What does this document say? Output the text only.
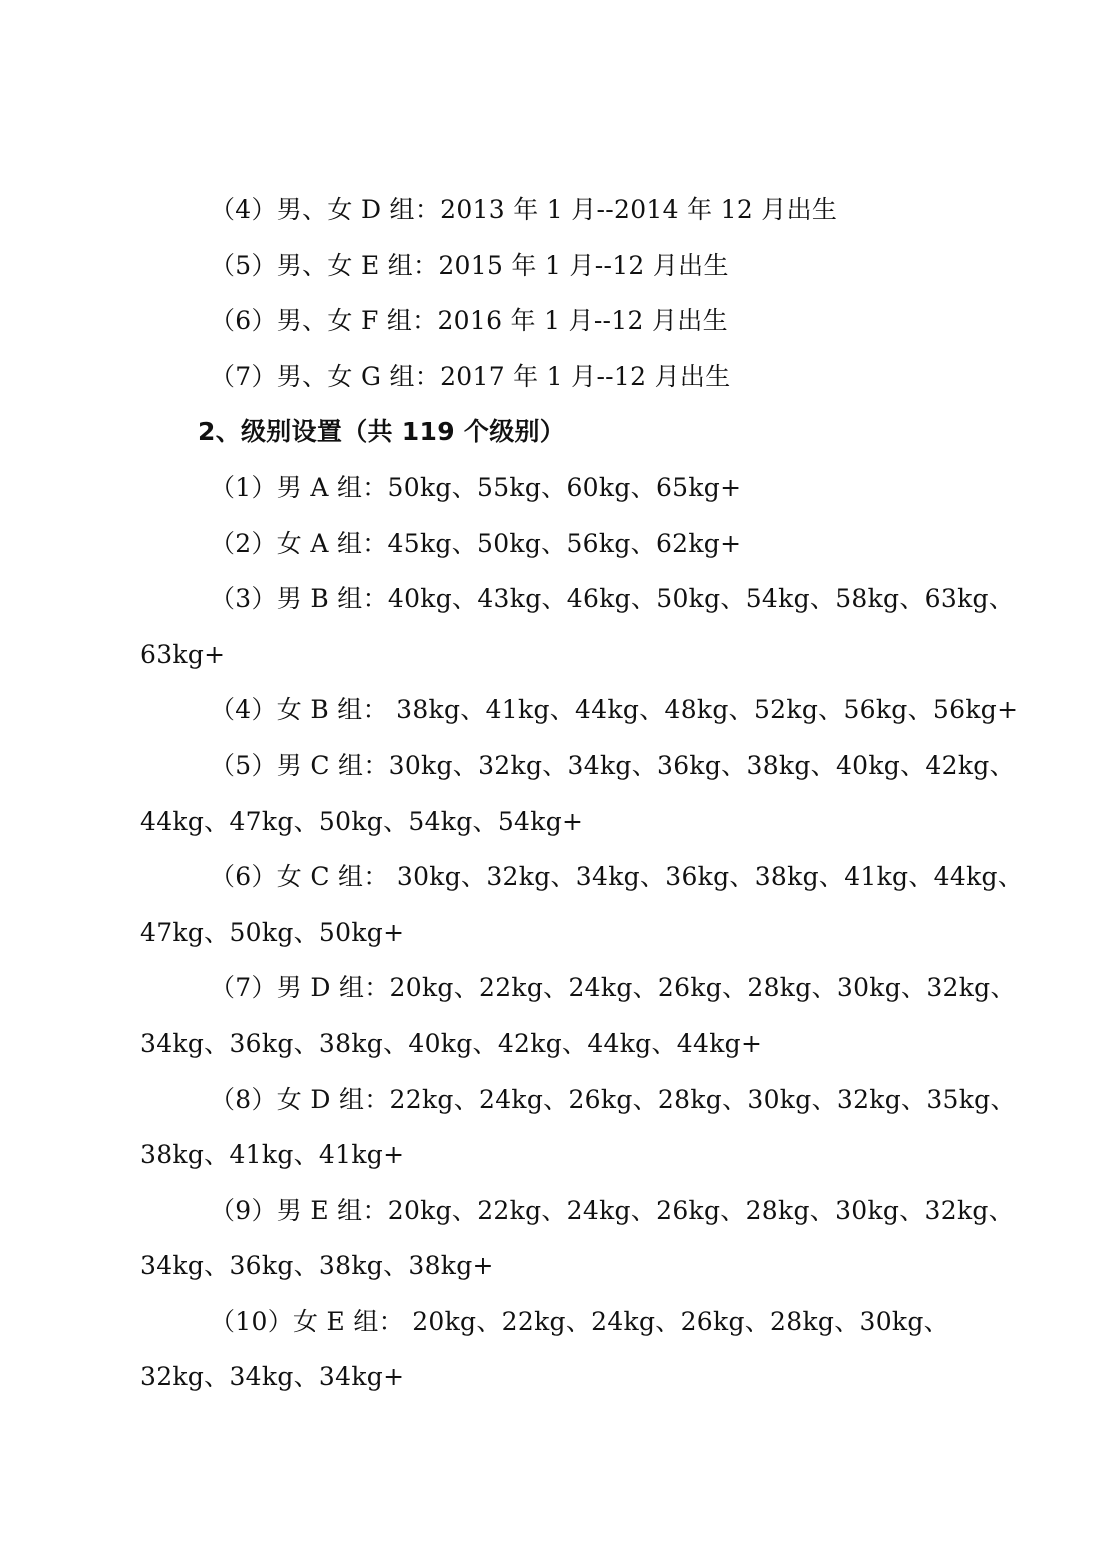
（4）男、女 D 组：2013 年 1 月--2014 年 12 月出生
（5）男、女 E 组：2015 年 1 月--12 月出生
（6）男、女 F 组：2016 年 1 月--12 月出生
（7）男、女 G 组：2017 年 1 月--12 月出生
2、级别设置（共 119 个级别）
（1）男 A 组：50kg、55kg、60kg、65kg+
（2）女 A 组：45kg、50kg、56kg、62kg+
（3）男 B 组：40kg、43kg、46kg、50kg、54kg、58kg、63kg、
63kg+
（4）女 B 组： 38kg、41kg、44kg、48kg、52kg、56kg、56kg+
（5）男 C 组：30kg、32kg、34kg、36kg、38kg、40kg、42kg、
44kg、47kg、50kg、54kg、54kg+
（6）女 C 组： 30kg、32kg、34kg、36kg、38kg、41kg、44kg、
47kg、50kg、50kg+
（7）男 D 组：20kg、22kg、24kg、26kg、28kg、30kg、32kg、
34kg、36kg、38kg、40kg、42kg、44kg、44kg+
（8）女 D 组：22kg、24kg、26kg、28kg、30kg、32kg、35kg、
38kg、41kg、41kg+
（9）男 E 组：20kg、22kg、24kg、26kg、28kg、30kg、32kg、
34kg、36kg、38kg、38kg+
（10）女 E 组： 20kg、22kg、24kg、26kg、28kg、30kg、
32kg、34kg、34kg+
